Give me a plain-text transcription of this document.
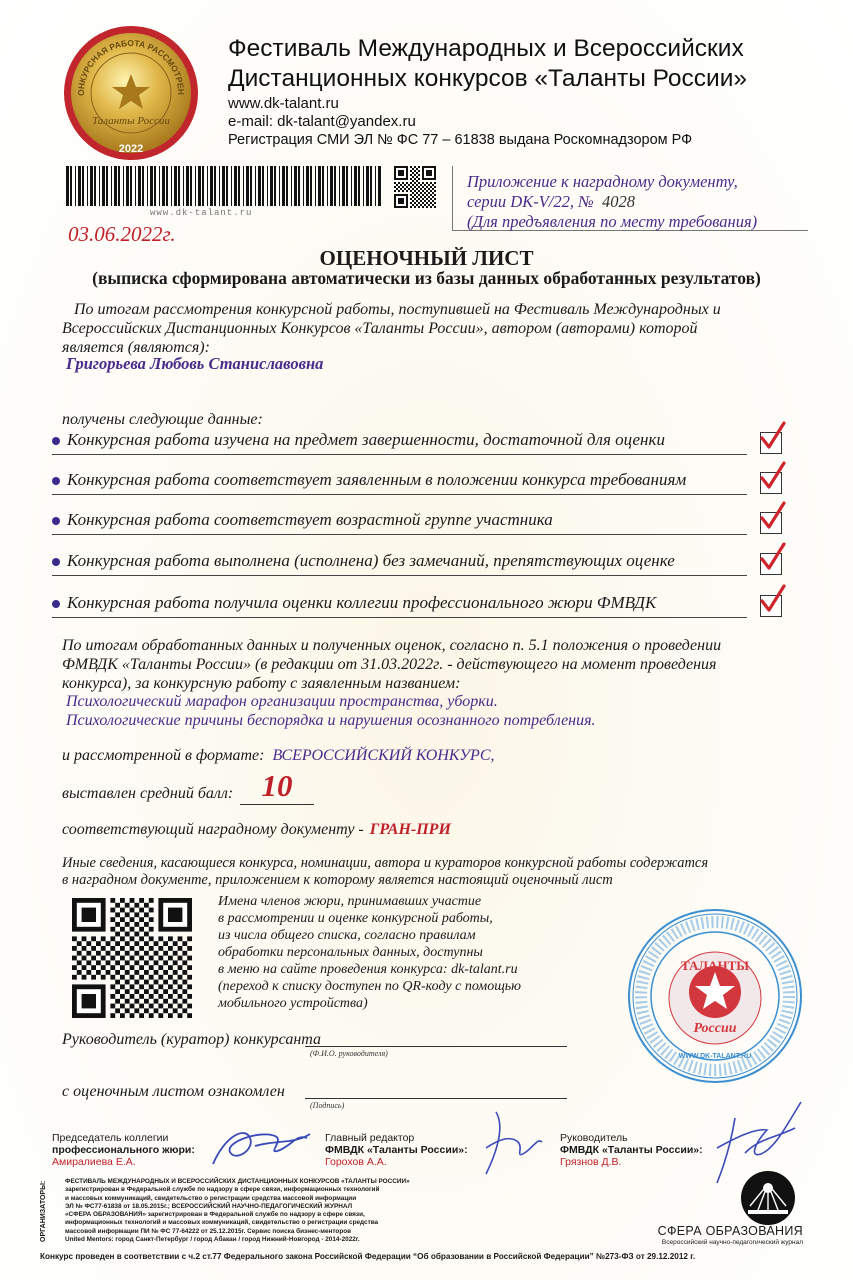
ОНКУРСНАЯ РАБОТА РАССМОТРЕН
Таланты России
2022
Фестиваль Международных и Всероссийских
Дистанционных конкурсов «Таланты России»
www.dk-talant.ru
e-mail: dk-talant@yandex.ru
Регистрация СМИ ЭЛ № ФС 77 – 61838 выдана Роскомнадзором РФ
www.dk-talant.ru
03.06.2022г.
Приложение к наградному документу,
серии DK-V/22, № 4028
(Для предъявления по месту требования)
ОЦЕНОЧНЫЙ ЛИСТ
(выписка сформирована автоматически из базы данных обработанных результатов)
По итогам рассмотрения конкурсной работы, поступившей на Фестиваль Международных и
Всероссийских Дистанционных Конкурсов «Таланты России», автором (авторами) которой
является (являются):
Григорьева Любовь Станиславовна
получены следующие данные:
Конкурсная работа изучена на предмет завершенности, достаточной для оценки
Конкурсная работа соответствует заявленным в положении конкурса требованиям
Конкурсная работа соответствует возрастной группе участника
Конкурсная работа выполнена (исполнена) без замечаний, препятствующих оценке
Конкурсная работа получила оценки коллегии профессионального жюри ФМВДК
По итогам обработанных данных и полученных оценок, согласно п. 5.1 положения о проведении
ФМВДК «Таланты России» (в редакции от 31.03.2022г. - действующего на момент проведения
конкурса), за конкурсную работу с заявленным названием:
Психологический марафон организации пространства, уборки.
Психологические причины беспорядка и нарушения осознанного потребления.
и рассмотренной в формате: ВСЕРОССИЙСКИЙ КОНКУРС,
выставлен средний балл: 10
соответствующий наградному документу - ГРАН-ПРИ
Иные сведения, касающиеся конкурса, номинации, автора и кураторов конкурсной работы содержатся
в наградном документе, приложением к которому является настоящий оценочный лист
Имена членов жюри, принимавших участие
в рассмотрении и оценке конкурсной работы,
из числа общего списка, согласно правилам
обработки персональных данных, доступны
в меню на сайте проведения конкурса: dk-talant.ru
(переход к списку доступен по QR-коду с помощью
мобильного устройства)
ТАЛАНТЫ
России
WWW.DK-TALANT.RU
Руководитель (куратор) конкурсанта
(Ф.И.О. руководителя)
с оценочным листом ознакомлен
(Подпись)
Председатель коллегии
профессионального жюри:
Амиралиева Е.А.
Главный редактор
ФМВДК «Таланты России»:
Горохов А.А.
Руководитель
ФМВДК «Таланты России»:
Грязнов Д.В.
ОРГАНИЗАТОРЫ:	ФЕСТИВАЛЬ МЕЖДУНАРОДНЫХ И ВСЕРОССИЙСКИХ ДИСТАНЦИОННЫХ КОНКУРСОВ «ТАЛАНТЫ РОССИИ»
зарегистрирован в Федеральной службе по надзору в сфере связи, информационных технологий
и массовых коммуникаций, свидетельство о регистрации средства массовой информации
ЭЛ № ФС77-61838 от 18.05.2015г.; ВСЕРОССИЙСКИЙ НАУЧНО-ПЕДАГОГИЧЕСКИЙ ЖУРНАЛ
«СФЕРА ОБРАЗОВАНИЯ» зарегистрирован в Федеральной службе по надзору в сфере связи,
информационных технологий и массовых коммуникаций, свидетельство о регистрации средства
массовой информации ПИ № ФС 77-64222 от 25.12.2015г. Сервис поиска бизнес-менторов
United Mentors: город Санкт-Петербург / город Абакан / город Нижний-Новгород - 2014-2022г.
СФЕРА ОБРАЗОВАНИЯ
Всероссийский научно-педагогический журнал
Конкурс проведен в соответствии с ч.2 ст.77 Федерального закона Российской Федерации “Об образовании в Российской Федерации” №273-ФЗ от 29.12.2012 г.
